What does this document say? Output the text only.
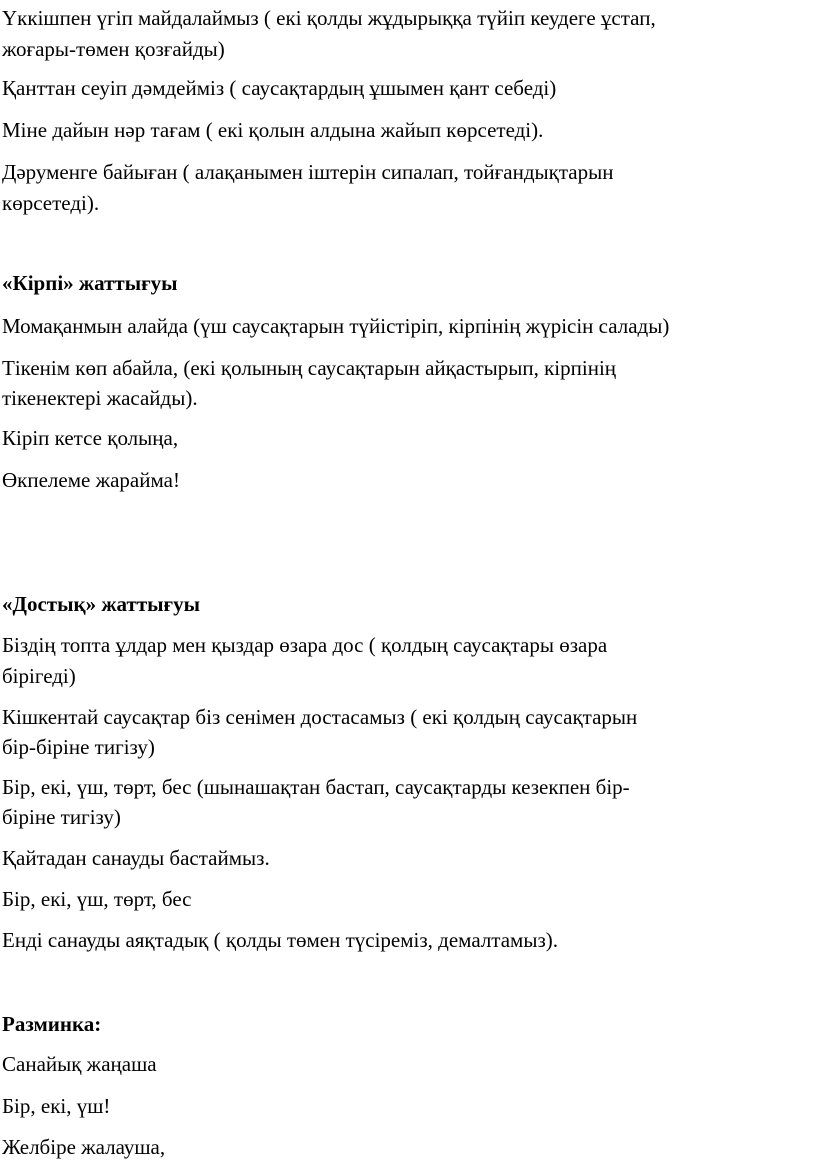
Үккішпен үгіп майдалаймыз ( екі қолды жұдырыққа түйіп кеудеге ұстап,
жоғары-төмен қозғайды)
Қанттан сеуіп дәмдейміз ( саусақтардың ұшымен қант себеді)
Міне дайын нәр тағам ( екі қолын алдына жайып көрсетеді).
Дәруменге байыған ( алақанымен іштерін сипалап, тойғандықтарын
көрсетеді).
«Кірпі» жаттығуы
Момақанмын алайда (үш саусақтарын түйістіріп, кірпінің жүрісін салады)
Тікенім көп абайла, (екі қолының саусақтарын айқастырып, кірпінің
тікенектері жасайды).
Кіріп кетсе қолыңа,
Өкпелеме жарайма!
«Достық» жаттығуы
Біздің топта ұлдар мен қыздар өзара дос ( қолдың саусақтары өзара
бірігеді)
Кішкентай саусақтар біз сенімен достасамыз ( екі қолдың саусақтарын
бір-біріне тигізу)
Бір, екі, үш, төрт, бес (шынашақтан бастап, саусақтарды кезекпен бір-
біріне тигізу)
Қайтадан санауды бастаймыз.
Бір, екі, үш, төрт, бес
Енді санауды аяқтадық ( қолды төмен түсіреміз, демалтамыз).
Разминка:
Санайық жаңаша
Бір, екі, үш!
Желбіре жалауша,
